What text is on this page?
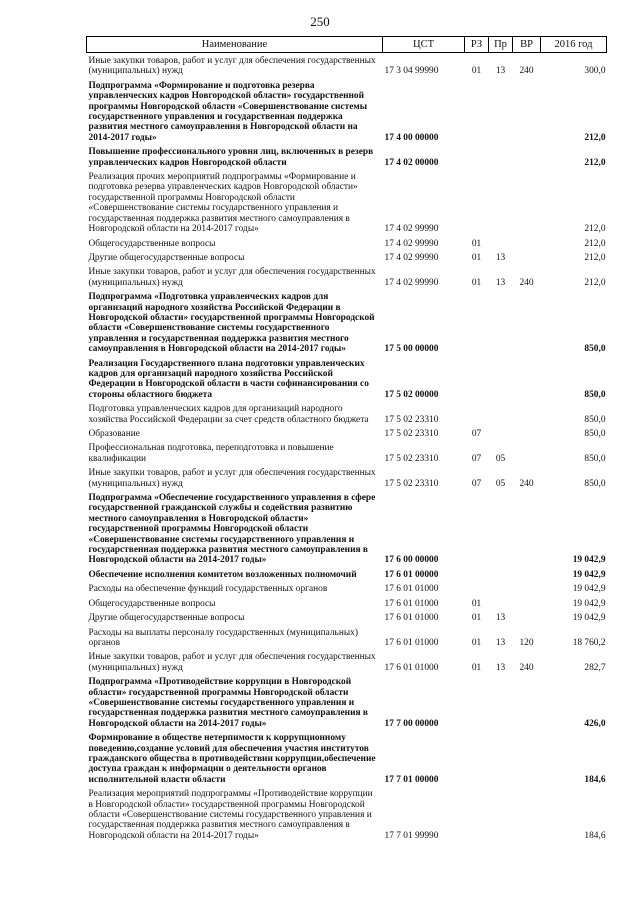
250
Наименование	ЦСТ	РЗ	Пр	ВР	2016 год
Иные закупки товаров, работ и услуг для обеспечения государственных (муниципальных) нужд	17 3 04 99990	01	13	240	300,0
Подпрограмма «Формирование и подготовка резерва управленческих кадров Новгородской области» государственной программы Новгородской области «Совершенствование системы государственного управления и государственная поддержка развития местного самоуправления в Новгородской области на 2014-2017 годы»	17 4 00 00000				212,0
Повышение профессионального уровня лиц, включенных в резерв управленческих кадров Новгородской области	17 4 02 00000				212,0
Реализация прочих мероприятий подпрограммы «Формирование и подготовка резерва управленческих кадров Новгородской области» государственной программы Новгородской области «Совершенствование системы государственного управления и государственная поддержка развития местного самоуправления в Новгородской области на 2014-2017 годы»	17 4 02 99990				212,0
Общегосударственные вопросы	17 4 02 99990	01			212,0
Другие общегосударственные вопросы	17 4 02 99990	01	13		212,0
Иные закупки товаров, работ и услуг для обеспечения государственных (муниципальных) нужд	17 4 02 99990	01	13	240	212,0
Подпрограмма «Подготовка управленческих кадров для организаций народного хозяйства Российской Федерации в Новгородской области» государственной программы Новгородской области «Совершенствование системы государственного управления и государственная поддержка развития местного самоуправления в Новгородской области на 2014-2017 годы»	17 5 00 00000				850,0
Реализация Государственного плана подготовки управленческих кадров для организаций народного хозяйства Российской Федерации в Новгородской области в части софинансирования со стороны областного бюджета	17 5 02 00000				850,0
Подготовка управленческих кадров для организаций народного хозяйства Российской Федерации за счет средств областного бюджета	17 5 02 23310				850,0
Образование	17 5 02 23310	07			850,0
Профессиональная подготовка, переподготовка и повышение квалификации	17 5 02 23310	07	05		850,0
Иные закупки товаров, работ и услуг для обеспечения государственных (муниципальных) нужд	17 5 02 23310	07	05	240	850,0
Подпрограмма «Обеспечение государственного управления в сфере государственной гражданской службы и содействия развитию местного самоуправления в Новгородской области» государственной программы Новгородской области «Совершенствование системы государственного управления и государственная поддержка развития местного самоуправления в Новгородской области на 2014-2017 годы»	17 6 00 00000				19 042,9
Обеспечение исполнения комитетом возложенных полномочий	17 6 01 00000				19 042,9
Расходы на обеспечение функций государственных органов	17 6 01 01000				19 042,9
Общегосударственные вопросы	17 6 01 01000	01			19 042,9
Другие общегосударственные вопросы	17 6 01 01000	01	13		19 042,9
Расходы на выплаты персоналу государственных (муниципальных) органов	17 6 01 01000	01	13	120	18 760,2
Иные закупки товаров, работ и услуг для обеспечения государственных (муниципальных) нужд	17 6 01 01000	01	13	240	282,7
Подпрограмма «Противодействие коррупции в Новгородской области» государственной программы Новгородской области «Совершенствование системы государственного управления и государственная поддержка развития местного самоуправления в Новгородской области на 2014-2017 годы»	17 7 00 00000				426,0
Формирование в обществе нетерпимости к коррупционному поведению,создание условий для обеспечения участия институтов гражданского общества в противодействии коррупции,обеспечение доступа граждан к информации о деятельности органов исполнительной власти области	17 7 01 00000				184,6
Реализация мероприятий подпрограммы «Противодействие коррупции в Новгородской области» государственной программы Новгородской области «Совершенствование системы государственного управления и государственная поддержка развития местного самоуправления в Новгородской области на 2014-2017 годы»	17 7 01 99990				184,6
